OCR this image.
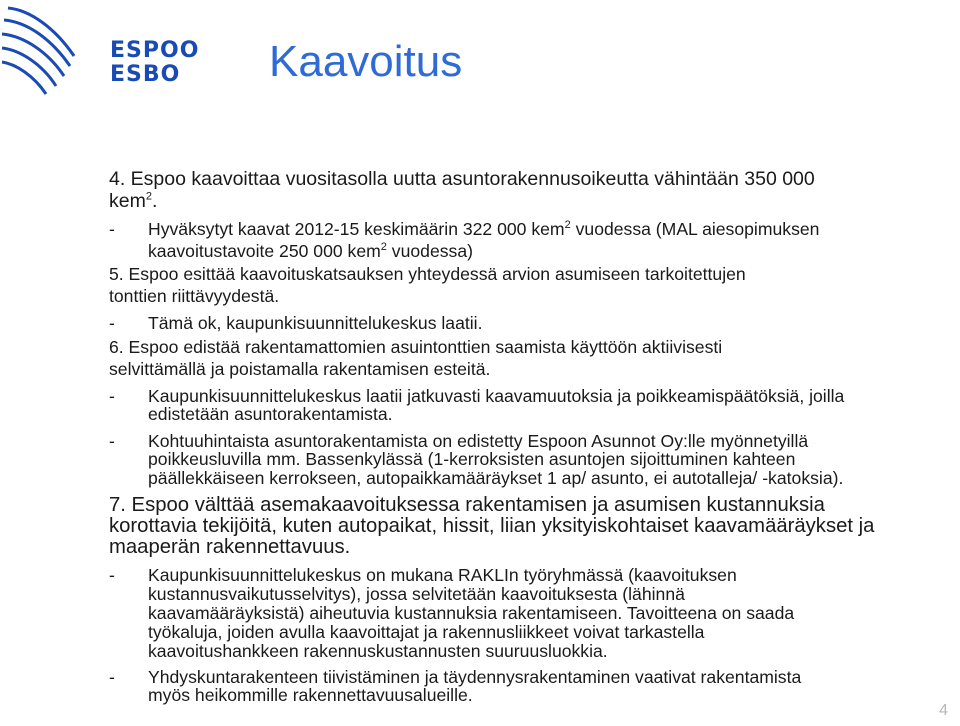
ESPOO
ESBO Kaavoitus
4. Espoo kaavoittaa vuositasolla uutta asuntorakennusoikeutta vähintään 350 000
kem$^2$.
- Hyväksytyt kaavat 2012-15 keskimäärin 322 000 kem$^2$ vuodessa (MAL aiesopimuksen
kaavoitustavoite 250 000 kem$^2$ vuodessa)
5. Espoo esittää kaavoituskatsauksen yhteydessä arvion asumiseen tarkoitettujen
tonttien riittävyydestä.
- Tämä ok, kaupunkisuunnittelukeskus laatii.
6. Espoo edistää rakentamattomien asuintonttien saamista käyttöön aktiivisesti
selvittämällä ja poistamalla rakentamisen esteitä.
- Kaupunkisuunnittelukeskus laatii jatkuvasti kaavamuutoksia ja poikkeamispäätöksiä, joilla
edistetään asuntorakentamista.
- Kohtuuhintaista asuntorakentamista on edistetty Espoon Asunnot Oy:lle myönnetyillä
poikkeusluvilla mm. Bassenkylässä (1-kerroksisten asuntojen sijoittuminen kahteen
päällekkäiseen kerrokseen, autopaikkamääräykset 1 ap/ asunto, ei autotalleja/ -katoksia).
7. Espoo välttää asemakaavoituksessa rakentamisen ja asumisen kustannuksia
korottavia tekijöitä, kuten autopaikat, hissit, liian yksityiskohtaiset kaavamääräykset ja
maaperän rakennettavuus.
- Kaupunkisuunnittelukeskus on mukana RAKLIn työryhmässä (kaavoituksen
kustannusvaikutusselvitys), jossa selvitetään kaavoituksesta (lähinnä
kaavamääräyksistä) aiheutuvia kustannuksia rakentamiseen. Tavoitteena on saada
työkaluja, joiden avulla kaavoittajat ja rakennusliikkeet voivat tarkastella
kaavoitushankkeen rakennuskustannusten suuruusluokkia.
- Yhdyskuntarakenteen tiivistäminen ja täydennysrakentaminen vaativat rakentamista
myös heikommille rakennettavuusalueille.
4
